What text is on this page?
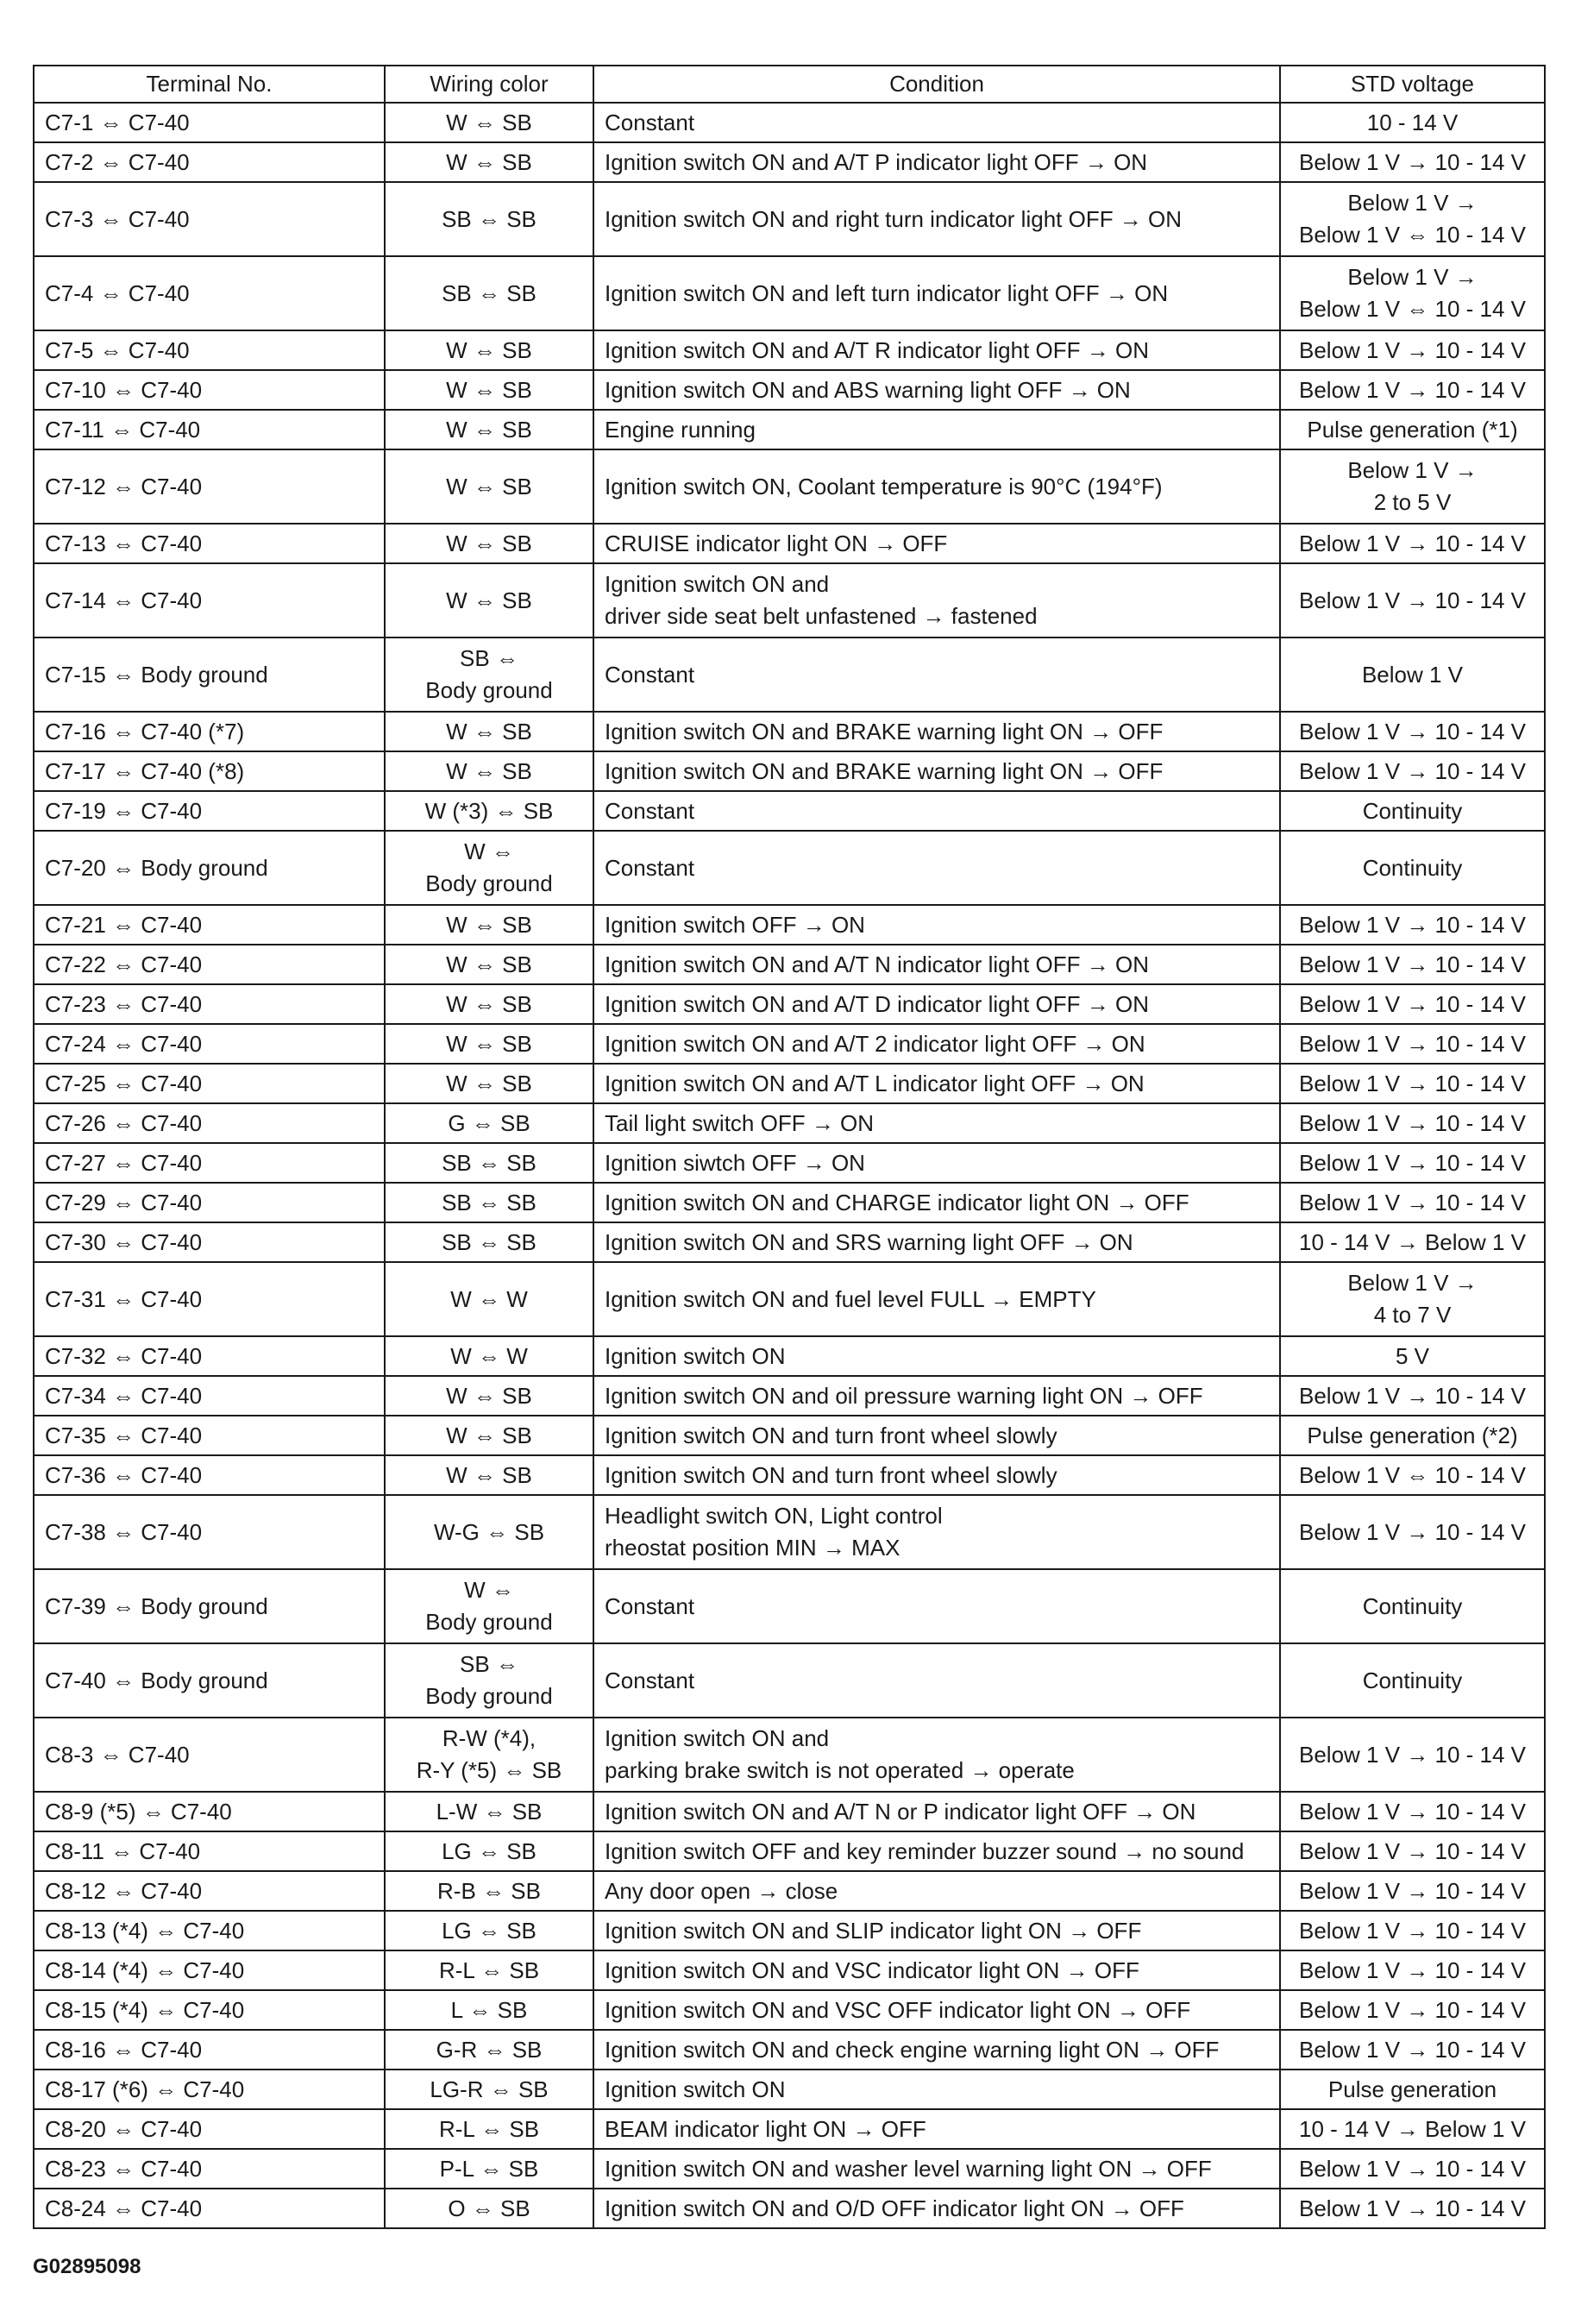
Terminal No.	Wiring color	Condition	STD voltage

C7-1 ⇔ C7-40	W ⇔ SB	Constant	10 - 14 V

C7-2 ⇔ C7-40	W ⇔ SB	Ignition switch ON and A/T P indicator light OFF → ON	Below 1 V → 10 - 14 V

C7-3 ⇔ C7-40	SB ⇔ SB	Ignition switch ON and right turn indicator light OFF → ON	Below 1 V →
Below 1 V ⇔ 10 - 14 V

C7-4 ⇔ C7-40	SB ⇔ SB	Ignition switch ON and left turn indicator light OFF → ON	Below 1 V →
Below 1 V ⇔ 10 - 14 V

C7-5 ⇔ C7-40	W ⇔ SB	Ignition switch ON and A/T R indicator light OFF → ON	Below 1 V → 10 - 14 V

C7-10 ⇔ C7-40	W ⇔ SB	Ignition switch ON and ABS warning light OFF → ON	Below 1 V → 10 - 14 V

C7-11 ⇔ C7-40	W ⇔ SB	Engine running	Pulse generation (*1)

C7-12 ⇔ C7-40	W ⇔ SB	Ignition switch ON, Coolant temperature is 90°C (194°F)	Below 1 V →
2 to 5 V

C7-13 ⇔ C7-40	W ⇔ SB	CRUISE indicator light ON → OFF	Below 1 V → 10 - 14 V

C7-14 ⇔ C7-40	W ⇔ SB	Ignition switch ON and
driver side seat belt unfastened → fastened	Below 1 V → 10 - 14 V

C7-15 ⇔ Body ground	SB ⇔
Body ground	Constant	Below 1 V

C7-16 ⇔ C7-40 (*7)	W ⇔ SB	Ignition switch ON and BRAKE warning light ON → OFF	Below 1 V → 10 - 14 V

C7-17 ⇔ C7-40 (*8)	W ⇔ SB	Ignition switch ON and BRAKE warning light ON → OFF	Below 1 V → 10 - 14 V

C7-19 ⇔ C7-40	W (*3) ⇔ SB	Constant	Continuity

C7-20 ⇔ Body ground	W ⇔
Body ground	Constant	Continuity

C7-21 ⇔ C7-40	W ⇔ SB	Ignition switch OFF → ON	Below 1 V → 10 - 14 V

C7-22 ⇔ C7-40	W ⇔ SB	Ignition switch ON and A/T N indicator light OFF → ON	Below 1 V → 10 - 14 V

C7-23 ⇔ C7-40	W ⇔ SB	Ignition switch ON and A/T D indicator light OFF → ON	Below 1 V → 10 - 14 V

C7-24 ⇔ C7-40	W ⇔ SB	Ignition switch ON and A/T 2 indicator light OFF → ON	Below 1 V → 10 - 14 V

C7-25 ⇔ C7-40	W ⇔ SB	Ignition switch ON and A/T L indicator light OFF → ON	Below 1 V → 10 - 14 V

C7-26 ⇔ C7-40	G ⇔ SB	Tail light switch OFF → ON	Below 1 V → 10 - 14 V

C7-27 ⇔ C7-40	SB ⇔ SB	Ignition siwtch OFF → ON	Below 1 V → 10 - 14 V

C7-29 ⇔ C7-40	SB ⇔ SB	Ignition switch ON and CHARGE indicator light ON → OFF	Below 1 V → 10 - 14 V

C7-30 ⇔ C7-40	SB ⇔ SB	Ignition switch ON and SRS warning light OFF → ON	10 - 14 V → Below 1 V

C7-31 ⇔ C7-40	W ⇔ W	Ignition switch ON and fuel level FULL → EMPTY	Below 1 V →
4 to 7 V

C7-32 ⇔ C7-40	W ⇔ W	Ignition switch ON	5 V

C7-34 ⇔ C7-40	W ⇔ SB	Ignition switch ON and oil pressure warning light ON → OFF	Below 1 V → 10 - 14 V

C7-35 ⇔ C7-40	W ⇔ SB	Ignition switch ON and turn front wheel slowly	Pulse generation (*2)

C7-36 ⇔ C7-40	W ⇔ SB	Ignition switch ON and turn front wheel slowly	Below 1 V ⇔ 10 - 14 V

C7-38 ⇔ C7-40	W-G ⇔ SB	Headlight switch ON, Light control
rheostat position MIN → MAX	Below 1 V → 10 - 14 V

C7-39 ⇔ Body ground	W ⇔
Body ground	Constant	Continuity

C7-40 ⇔ Body ground	SB ⇔
Body ground	Constant	Continuity

C8-3 ⇔ C7-40	R-W (*4),
R-Y (*5) ⇔ SB	Ignition switch ON and
parking brake switch is not operated → operate	Below 1 V → 10 - 14 V

C8-9 (*5) ⇔ C7-40	L-W ⇔ SB	Ignition switch ON and A/T N or P indicator light OFF → ON	Below 1 V → 10 - 14 V

C8-11 ⇔ C7-40	LG ⇔ SB	Ignition switch OFF and key reminder buzzer sound → no sound	Below 1 V → 10 - 14 V

C8-12 ⇔ C7-40	R-B ⇔ SB	Any door open → close	Below 1 V → 10 - 14 V

C8-13 (*4) ⇔ C7-40	LG ⇔ SB	Ignition switch ON and SLIP indicator light ON → OFF	Below 1 V → 10 - 14 V

C8-14 (*4) ⇔ C7-40	R-L ⇔ SB	Ignition switch ON and VSC indicator light ON → OFF	Below 1 V → 10 - 14 V

C8-15 (*4) ⇔ C7-40	L ⇔ SB	Ignition switch ON and VSC OFF indicator light ON → OFF	Below 1 V → 10 - 14 V

C8-16 ⇔ C7-40	G-R ⇔ SB	Ignition switch ON and check engine warning light ON → OFF	Below 1 V → 10 - 14 V

C8-17 (*6) ⇔ C7-40	LG-R ⇔ SB	Ignition switch ON	Pulse generation

C8-20 ⇔ C7-40	R-L ⇔ SB	BEAM indicator light ON → OFF	10 - 14 V → Below 1 V

C8-23 ⇔ C7-40	P-L ⇔ SB	Ignition switch ON and washer level warning light ON → OFF	Below 1 V → 10 - 14 V

C8-24 ⇔ C7-40	O ⇔ SB	Ignition switch ON and O/D OFF indicator light ON → OFF	Below 1 V → 10 - 14 V
G02895098
